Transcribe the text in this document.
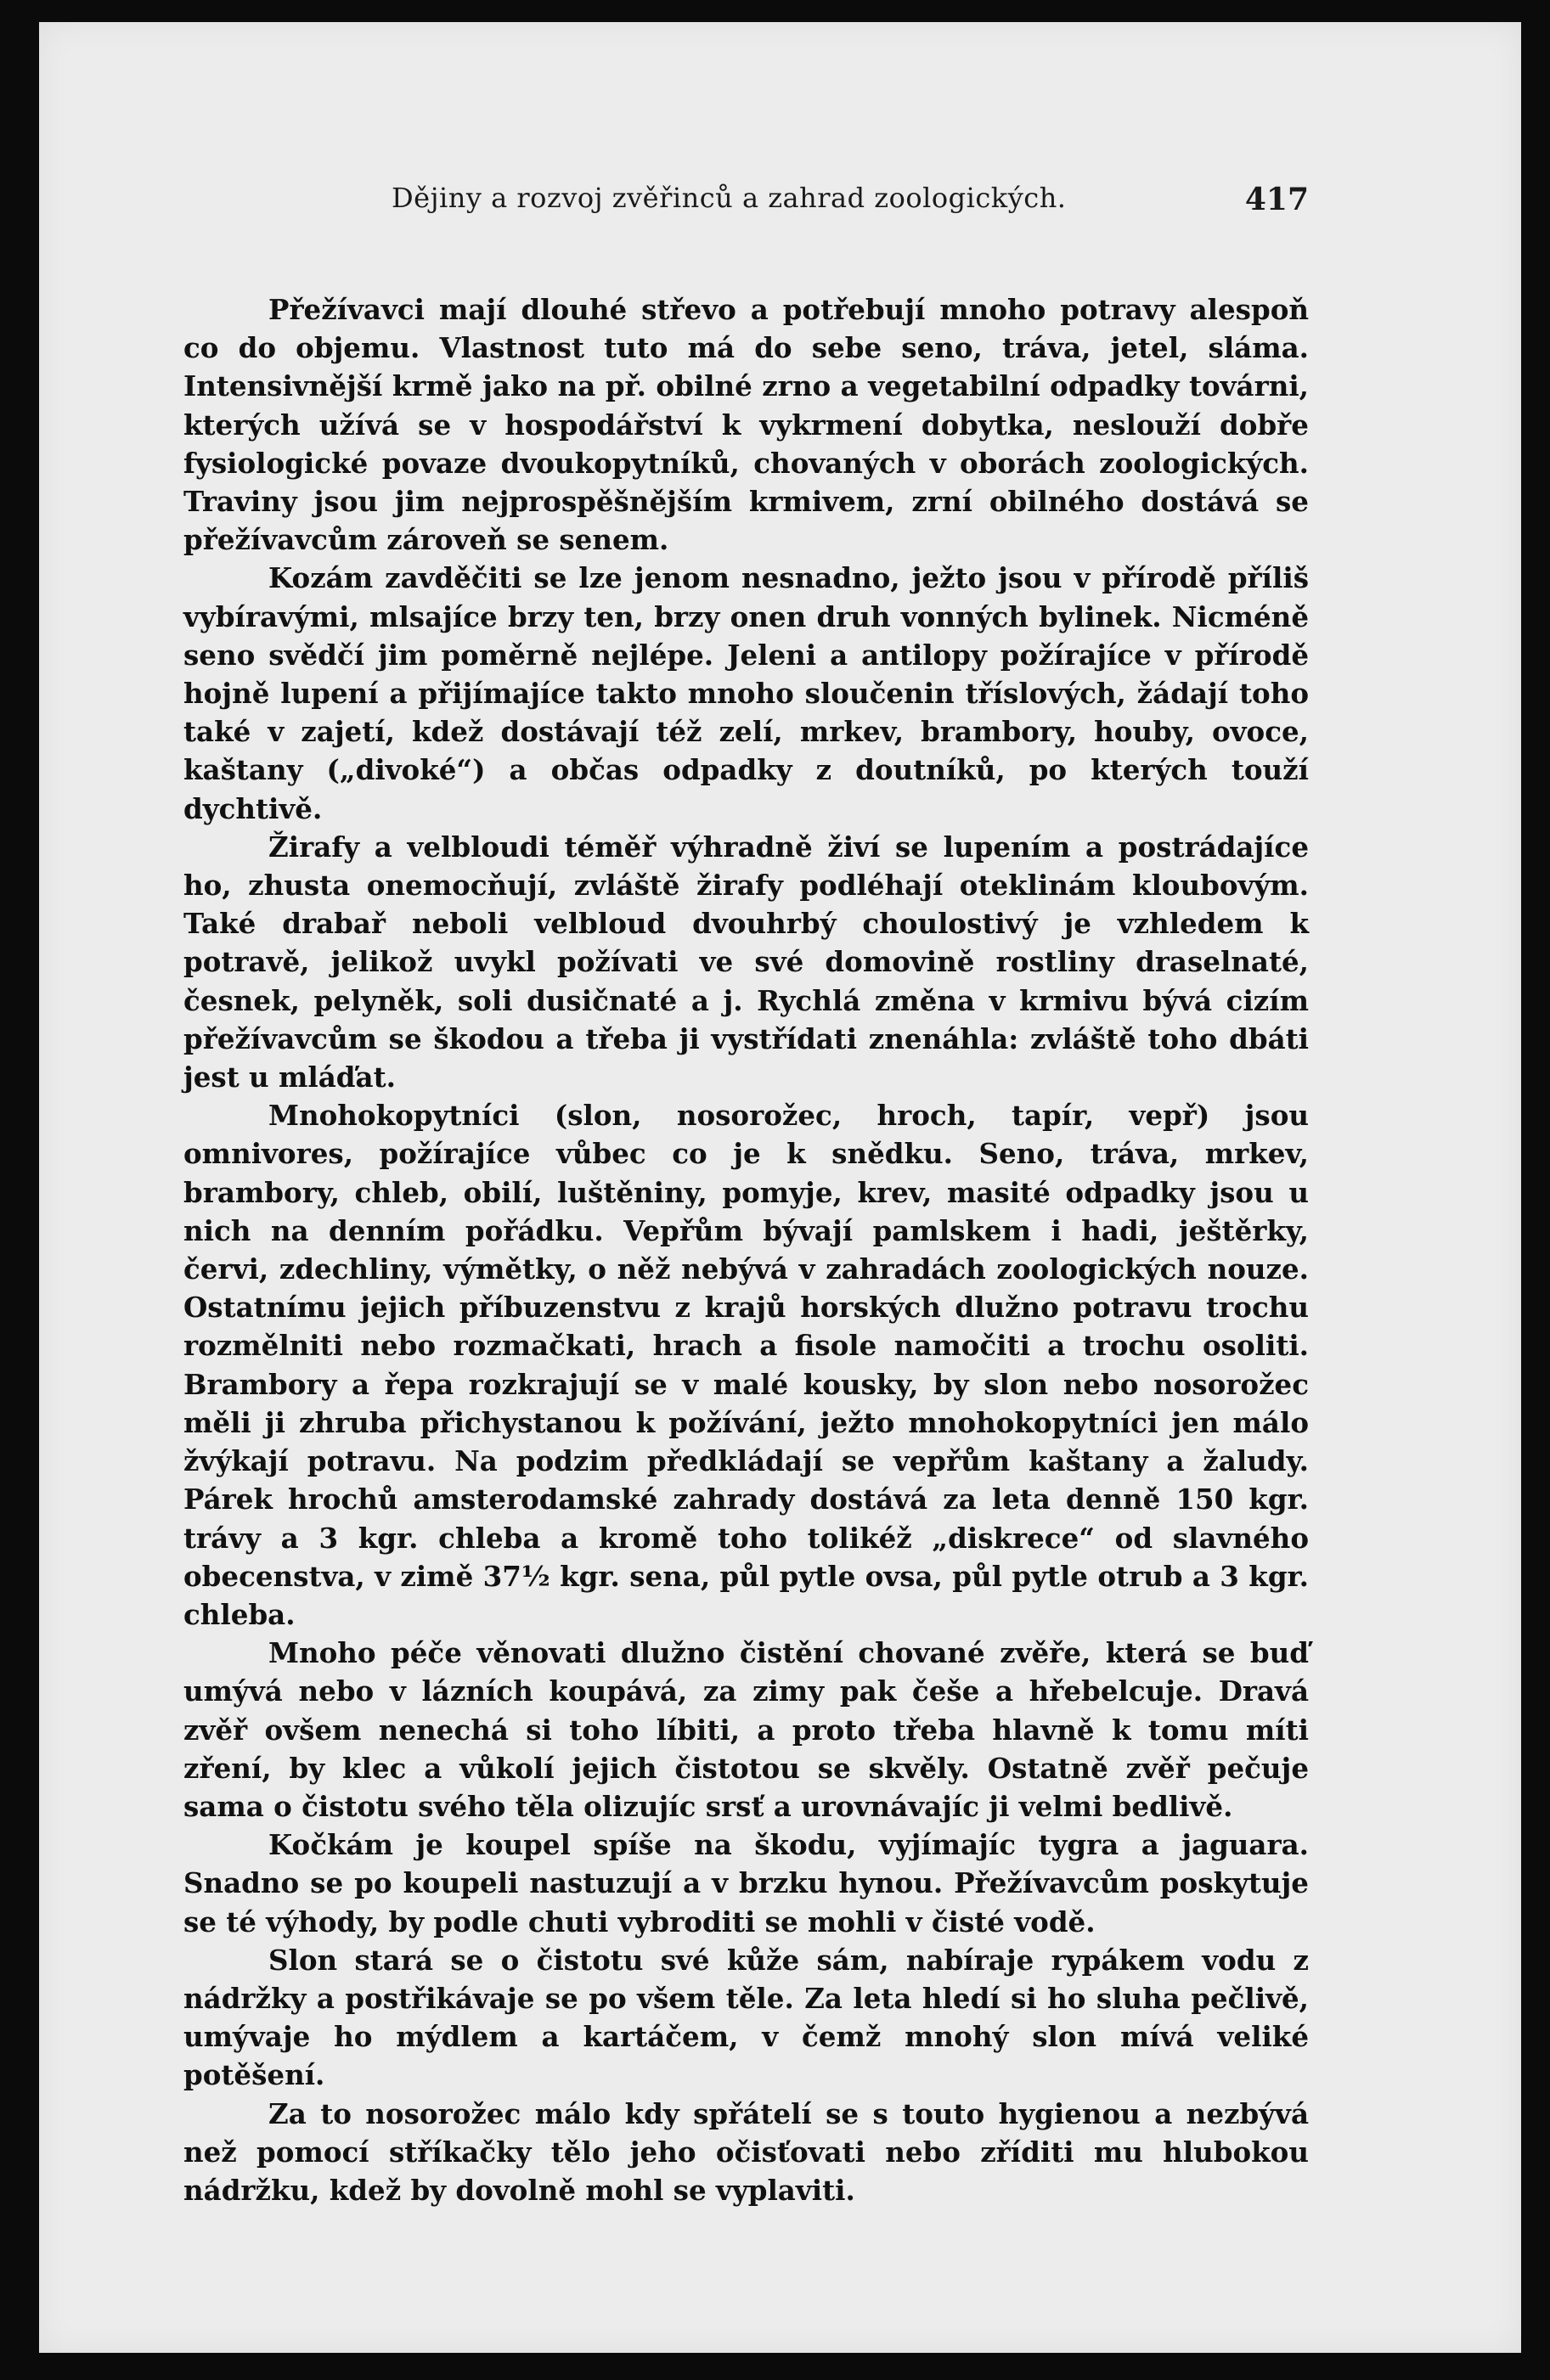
Dějiny a rozvoj zvěřinců a zahrad zoologických.	417

Přežívavci mají dlouhé střevo a potřebují mnoho potravy alespoň co do objemu. Vlastnost tuto má do sebe seno, tráva, jetel, sláma. Intensivnější krmě jako na př. obilné zrno a vegetabilní odpadky továrni, kterých užívá se v hospodářství k vykrmení dobytka, neslouží dobře fysiologické povaze dvoukopytníků, chovaných v oborách zoologických. Traviny jsou jim nejprospěšnějším krmivem, zrní obilného dostává se přežívavcům zároveň se senem.

Kozám zavděčiti se lze jenom nesnadno, ježto jsou v přírodě příliš vybíravými, mlsajíce brzy ten, brzy onen druh vonných bylinek. Nicméně seno svědčí jim poměrně nejlépe. Jeleni a antilopy požírajíce v přírodě hojně lupení a přijímajíce takto mnoho sloučenin tříslových, žádají toho také v zajetí, kdež dostávají též zelí, mrkev, brambory, houby, ovoce, kaštany („divoké“) a občas odpadky z doutníků, po kterých touží dychtivě.

Žirafy a velbloudi téměř výhradně živí se lupením a postrádajíce ho, zhusta onemocňují, zvláště žirafy podléhají oteklinám kloubovým. Také drabař neboli velbloud dvouhrbý choulostivý je vzhledem k potravě, jelikož uvykl požívati ve své domovině rostliny draselnaté, česnek, pelyněk, soli dusičnaté a j. Rychlá změna v krmivu bývá cizím přežívavcům se škodou a třeba ji vystřídati znenáhla: zvláště toho dbáti jest u mláďat.

Mnohokopytníci (slon, nosorožec, hroch, tapír, vepř) jsou omnivores, požírajíce vůbec co je k snědku. Seno, tráva, mrkev, brambory, chleb, obilí, luštěniny, pomyje, krev, masité odpadky jsou u nich na denním pořádku. Vepřům bývají pamlskem i hadi, ještěrky, červi, zdechliny, výmětky, o něž nebývá v zahradách zoologických nouze. Ostatnímu jejich příbuzenstvu z krajů horských dlužno potravu trochu rozmělniti nebo rozmačkati, hrach a fisole namočiti a trochu osoliti. Brambory a řepa rozkrajují se v malé kousky, by slon nebo nosorožec měli ji zhruba přichystanou k požívání, ježto mnohokopytníci jen málo žvýkají potravu. Na podzim předkládají se vepřům kaštany a žaludy. Párek hrochů amsterodamské zahrady dostává za leta denně 150 kgr. trávy a 3 kgr. chleba a kromě toho tolikéž „diskrece“ od slavného obecenstva, v zimě 37½ kgr. sena, půl pytle ovsa, půl pytle otrub a 3 kgr. chleba.

Mnoho péče věnovati dlužno čistění chované zvěře, která se buď umývá nebo v lázních koupává, za zimy pak češe a hřebelcuje. Dravá zvěř ovšem nenechá si toho líbiti, a proto třeba hlavně k tomu míti zření, by klec a vůkolí jejich čistotou se skvěly. Ostatně zvěř pečuje sama o čistotu svého těla olizujíc srsť a urovnávajíc ji velmi bedlivě.

Kočkám je koupel spíše na škodu, vyjímajíc tygra a jaguara. Snadno se po koupeli nastuzují a v brzku hynou. Přežívavcům poskytuje se té výhody, by podle chuti vybroditi se mohli v čisté vodě.

Slon stará se o čistotu své kůže sám, nabíraje rypákem vodu z nádržky a postřikávaje se po všem těle. Za leta hledí si ho sluha pečlivě, umývaje ho mýdlem a kartáčem, v čemž mnohý slon mívá veliké potěšení.

Za to nosorožec málo kdy spřátelí se s touto hygienou a nezbývá než pomocí stříkačky tělo jeho očisťovati nebo zříditi mu hlubokou nádržku, kdež by dovolně mohl se vyplaviti.
